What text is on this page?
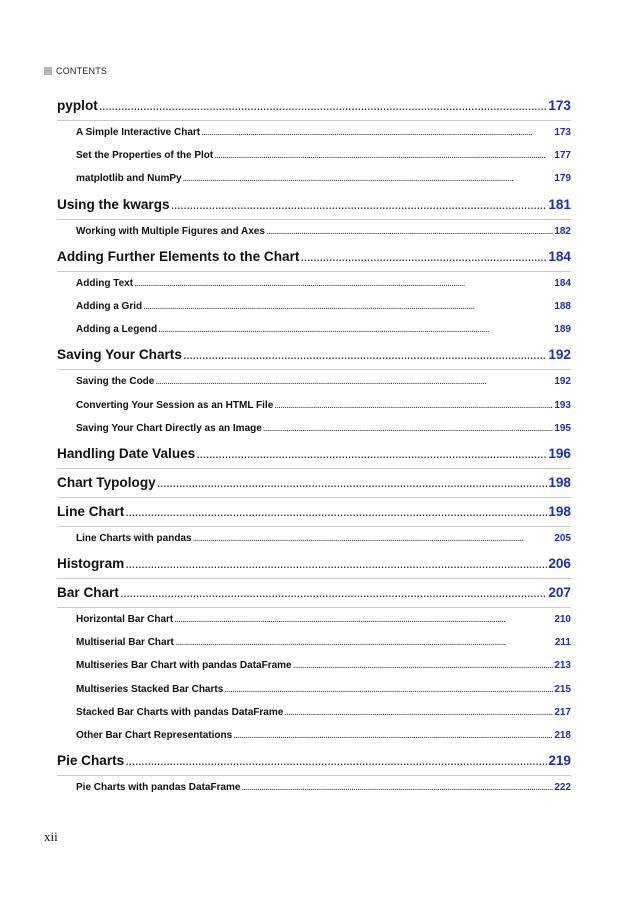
CONTENTS
pyplot . . .	173
A Simple Interactive Chart . . .	173
Set the Properties of the Plot . . .	177
matplotlib and NumPy . . .	179
Using the kwargs . . .	181
Working with Multiple Figures and Axes . . .	182
Adding Further Elements to the Chart . . .	184
Adding Text . . .	184
Adding a Grid . . .	188
Adding a Legend . . .	189
Saving Your Charts . . .	192
Saving the Code . . .	192
Converting Your Session as an HTML File . . .	193
Saving Your Chart Directly as an Image . . .	195
Handling Date Values . . .	196
Chart Typology . . .	198
Line Chart . . .	198
Line Charts with pandas . . .	205
Histogram . . .	206
Bar Chart . . .	207
Horizontal Bar Chart . . .	210
Multiserial Bar Chart . . .	211
Multiseries Bar Chart with pandas DataFrame . . .	213
Multiseries Stacked Bar Charts . . .	215
Stacked Bar Charts with pandas DataFrame . . .	217
Other Bar Chart Representations . . .	218
Pie Charts . . .	219
Pie Charts with pandas DataFrame . . .	222
xii
